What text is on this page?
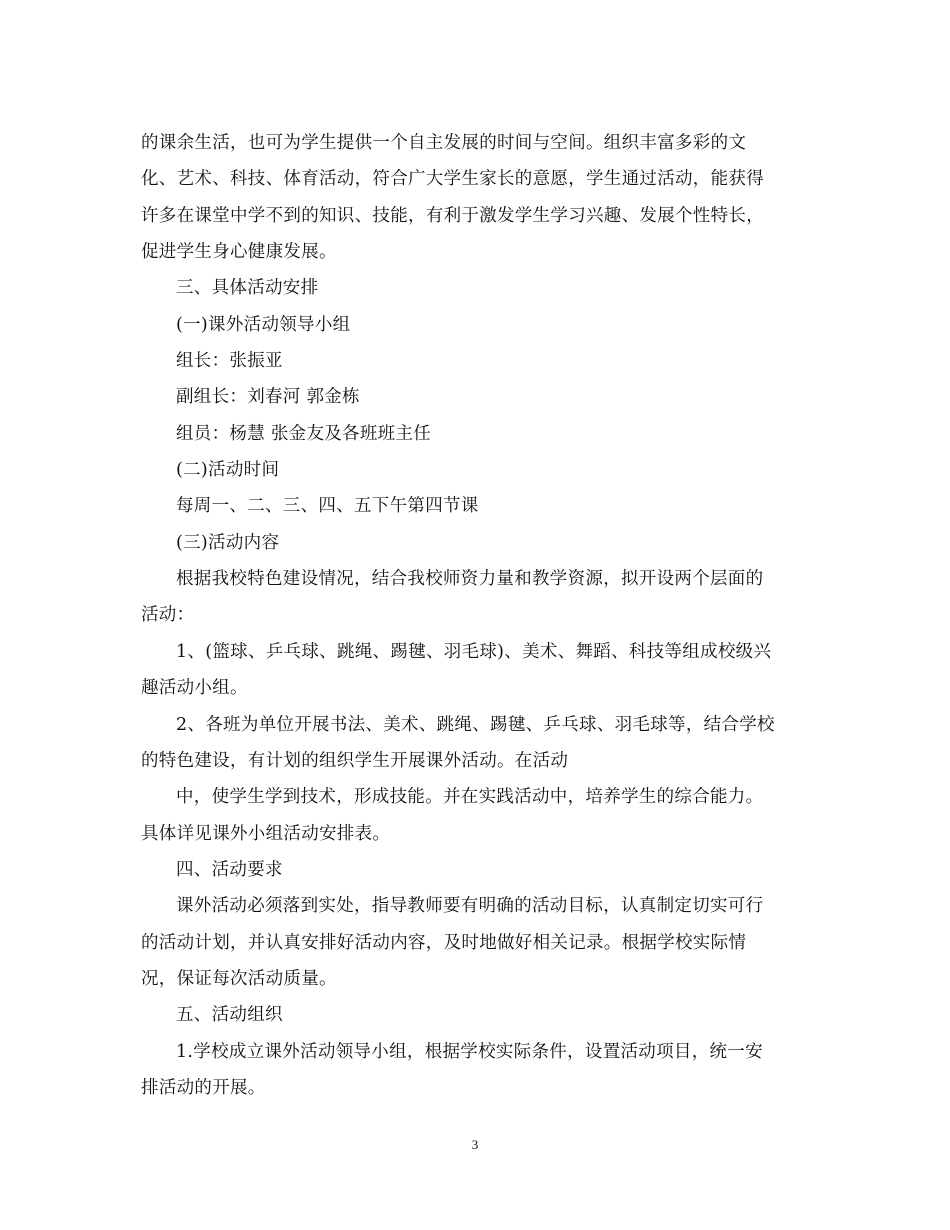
的课余生活，也可为学生提供一个自主发展的时间与空间。组织丰富多彩的文
化、艺术、科技、体育活动，符合广大学生家长的意愿，学生通过活动，能获得
许多在课堂中学不到的知识、技能，有利于激发学生学习兴趣、发展个性特长，
促进学生身心健康发展。
三、具体活动安排
(一)课外活动领导小组
组长：张振亚
副组长：刘春河 郭金栋
组员：杨慧 张金友及各班班主任
(二)活动时间
每周一、二、三、四、五下午第四节课
(三)活动内容
根据我校特色建设情况，结合我校师资力量和教学资源，拟开设两个层面的
活动：
1、(篮球、乒乓球、跳绳、踢毽、羽毛球)、美术、舞蹈、科技等组成校级兴
趣活动小组。
2、各班为单位开展书法、美术、跳绳、踢毽、乒乓球、羽毛球等，结合学校
的特色建设，有计划的组织学生开展课外活动。在活动
中，使学生学到技术，形成技能。并在实践活动中，培养学生的综合能力。
具体详见课外小组活动安排表。
四、活动要求
课外活动必须落到实处，指导教师要有明确的活动目标，认真制定切实可行
的活动计划，并认真安排好活动内容，及时地做好相关记录。根据学校实际情
况，保证每次活动质量。
五、活动组织
1.学校成立课外活动领导小组，根据学校实际条件，设置活动项目，统一安
排活动的开展。
3
